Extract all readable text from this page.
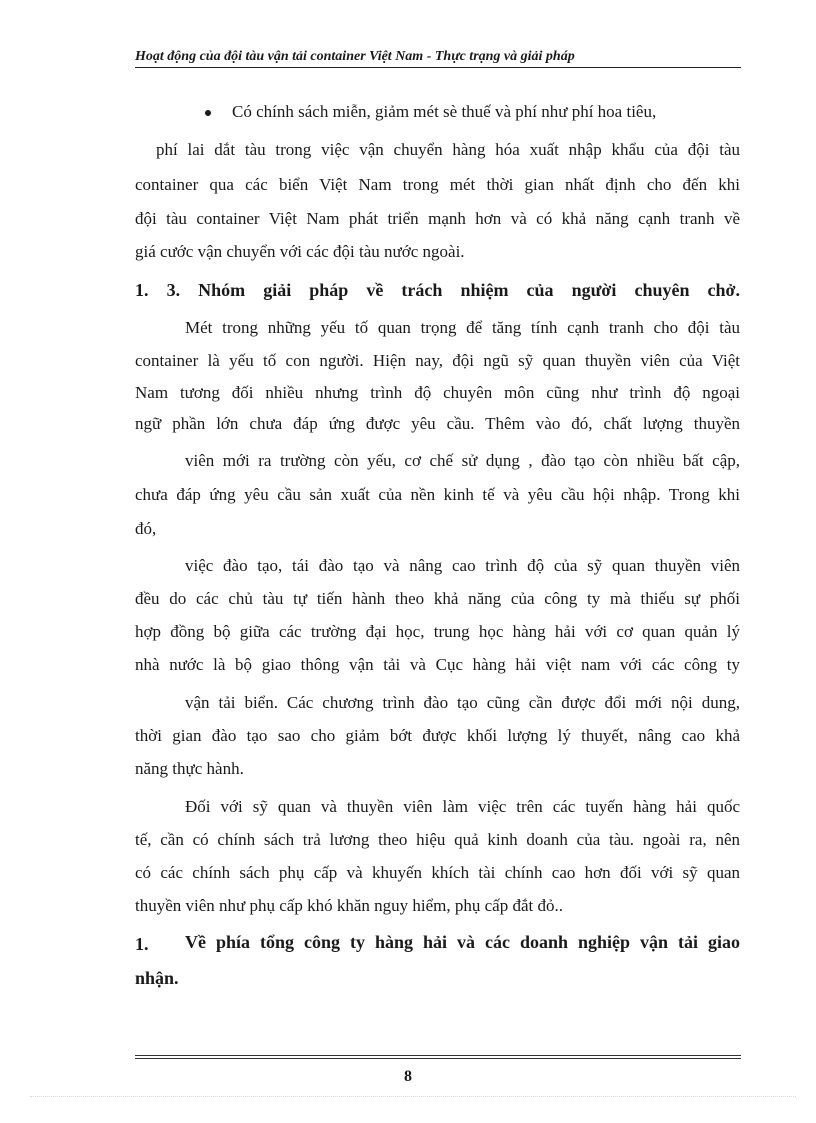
Hoạt động của đội tàu vận tải container Việt Nam - Thực trạng và giải pháp
Có chính sách miễn, giảm mét sè thuế và phí như phí hoa tiêu,
phí lai dắt tàu trong việc vận chuyển hàng hóa xuất nhập khẩu của đội tàu
container qua các biển Việt Nam trong mét thời gian nhất định cho đến khi
đội tàu container Việt Nam phát triển mạnh hơn và có khả năng cạnh tranh về
giá cước vận chuyển với các đội tàu nước ngoài.
1. 3. Nhóm giải pháp về trách nhiệm của người chuyên chở.
Mét trong những yếu tố quan trọng để tăng tính cạnh tranh cho đội tàu
container là yếu tố con người. Hiện nay, đội ngũ sỹ quan thuyền viên của Việt
Nam tương đối nhiều nhưng trình độ chuyên môn cũng như trình độ ngoại
ngữ phần lớn chưa đáp ứng được yêu cầu. Thêm vào đó, chất lượng thuyền
viên mới ra trường còn yếu, cơ chế sử dụng , đào tạo còn nhiều bất cập,
chưa đáp ứng yêu cầu sản xuất của nền kinh tế và yêu cầu hội nhập. Trong khi
đó,
việc đào tạo, tái đào tạo và nâng cao trình độ của sỹ quan thuyền viên
đều do các chủ tàu tự tiến hành theo khả năng của công ty mà thiếu sự phối
hợp đồng bộ giữa các trường đại học, trung học hàng hải với cơ quan quản lý
nhà nước là bộ giao thông vận tải và Cục hàng hải việt nam với các công ty
vận tải biển. Các chương trình đào tạo cũng cần được đổi mới nội dung,
thời gian đào tạo sao cho giảm bớt được khối lượng lý thuyết, nâng cao khả
năng thực hành.
Đối với sỹ quan và thuyền viên làm việc trên các tuyến hàng hải quốc
tế, cần có chính sách trả lương theo hiệu quả kinh doanh của tàu. ngoài ra, nên
có các chính sách phụ cấp và khuyến khích tài chính cao hơn đối với sỹ quan
thuyền viên như phụ cấp khó khăn nguy hiểm, phụ cấp đắt đỏ..
1. Về phía tổng công ty hàng hải và các doanh nghiệp vận tải giao
nhận.
8
